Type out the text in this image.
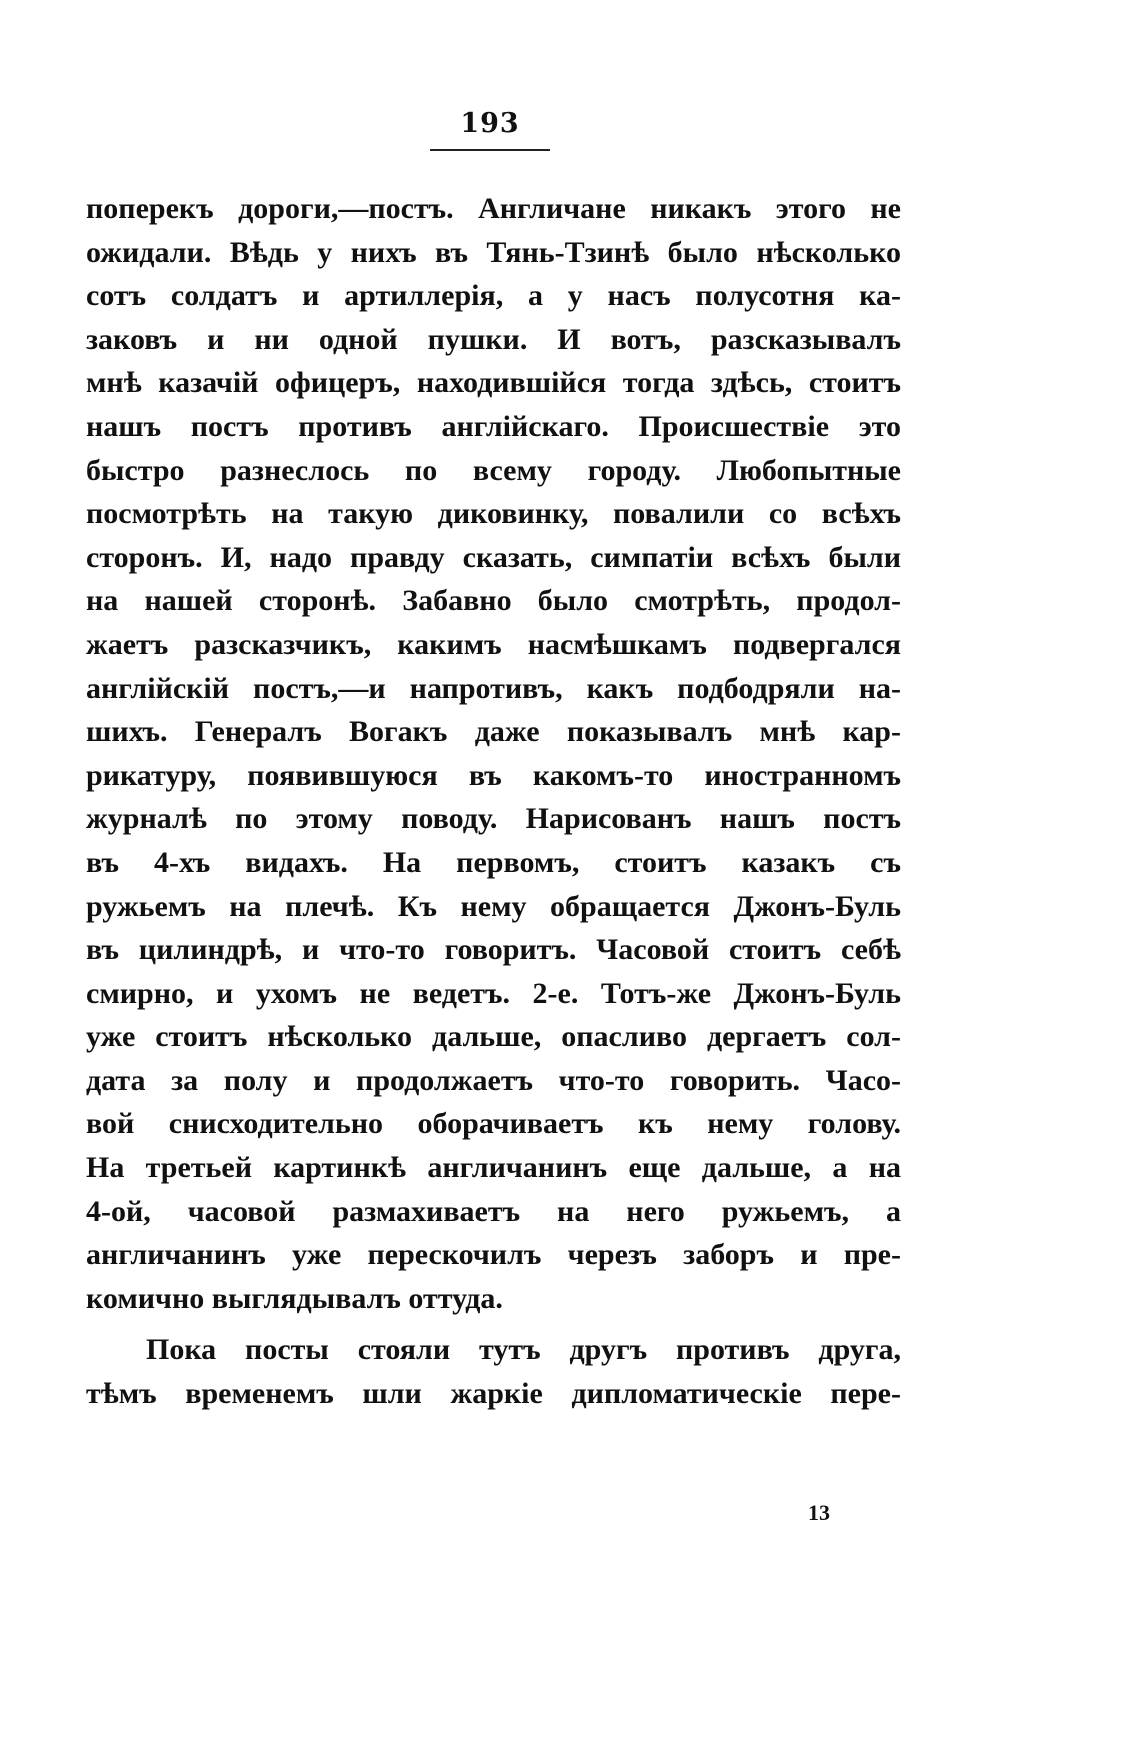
193
поперекъ дороги,—постъ. Англичане никакъ этого не
ожидали. Вѣдь у нихъ въ Тянь-Тзинѣ было нѣсколько
сотъ солдатъ и артиллерія, а у насъ полусотня ка-
заковъ и ни одной пушки. И вотъ, разсказывалъ
мнѣ казачій офицеръ, находившійся тогда здѣсь, стоитъ
нашъ постъ противъ англійскаго. Происшествіе это
быстро разнеслось по всему городу. Любопытные
посмотрѣть на такую диковинку, повалили со всѣхъ
сторонъ. И, надо правду сказать, симпатіи всѣхъ были
на нашей сторонѣ. Забавно было смотрѣть, продол-
жаетъ разсказчикъ, какимъ насмѣшкамъ подвергался
англійскій постъ,—и напротивъ, какъ подбодряли на-
шихъ. Генералъ Вогакъ даже показывалъ мнѣ кар-
рикатуру, появившуюся въ какомъ-то иностранномъ
журналѣ по этому поводу. Нарисованъ нашъ постъ
въ 4-хъ видахъ. На первомъ, стоитъ казакъ съ
ружьемъ на плечѣ. Къ нему обращается Джонъ-Буль
въ цилиндрѣ, и что-то говоритъ. Часовой стоитъ себѣ
смирно, и ухомъ не ведетъ. 2-е. Тотъ-же Джонъ-Буль
уже стоитъ нѣсколько дальше, опасливо дергаетъ сол-
дата за полу и продолжаетъ что-то говорить. Часо-
вой снисходительно оборачиваетъ къ нему голову.
На третьей картинкѣ англичанинъ еще дальше, а на
4-ой, часовой размахиваетъ на него ружьемъ, а
англичанинъ уже перескочилъ черезъ заборъ и пре-
комично выглядывалъ оттуда.
Пока посты стояли тутъ другъ противъ друга,
тѣмъ временемъ шли жаркіе дипломатическіе пере-
13
